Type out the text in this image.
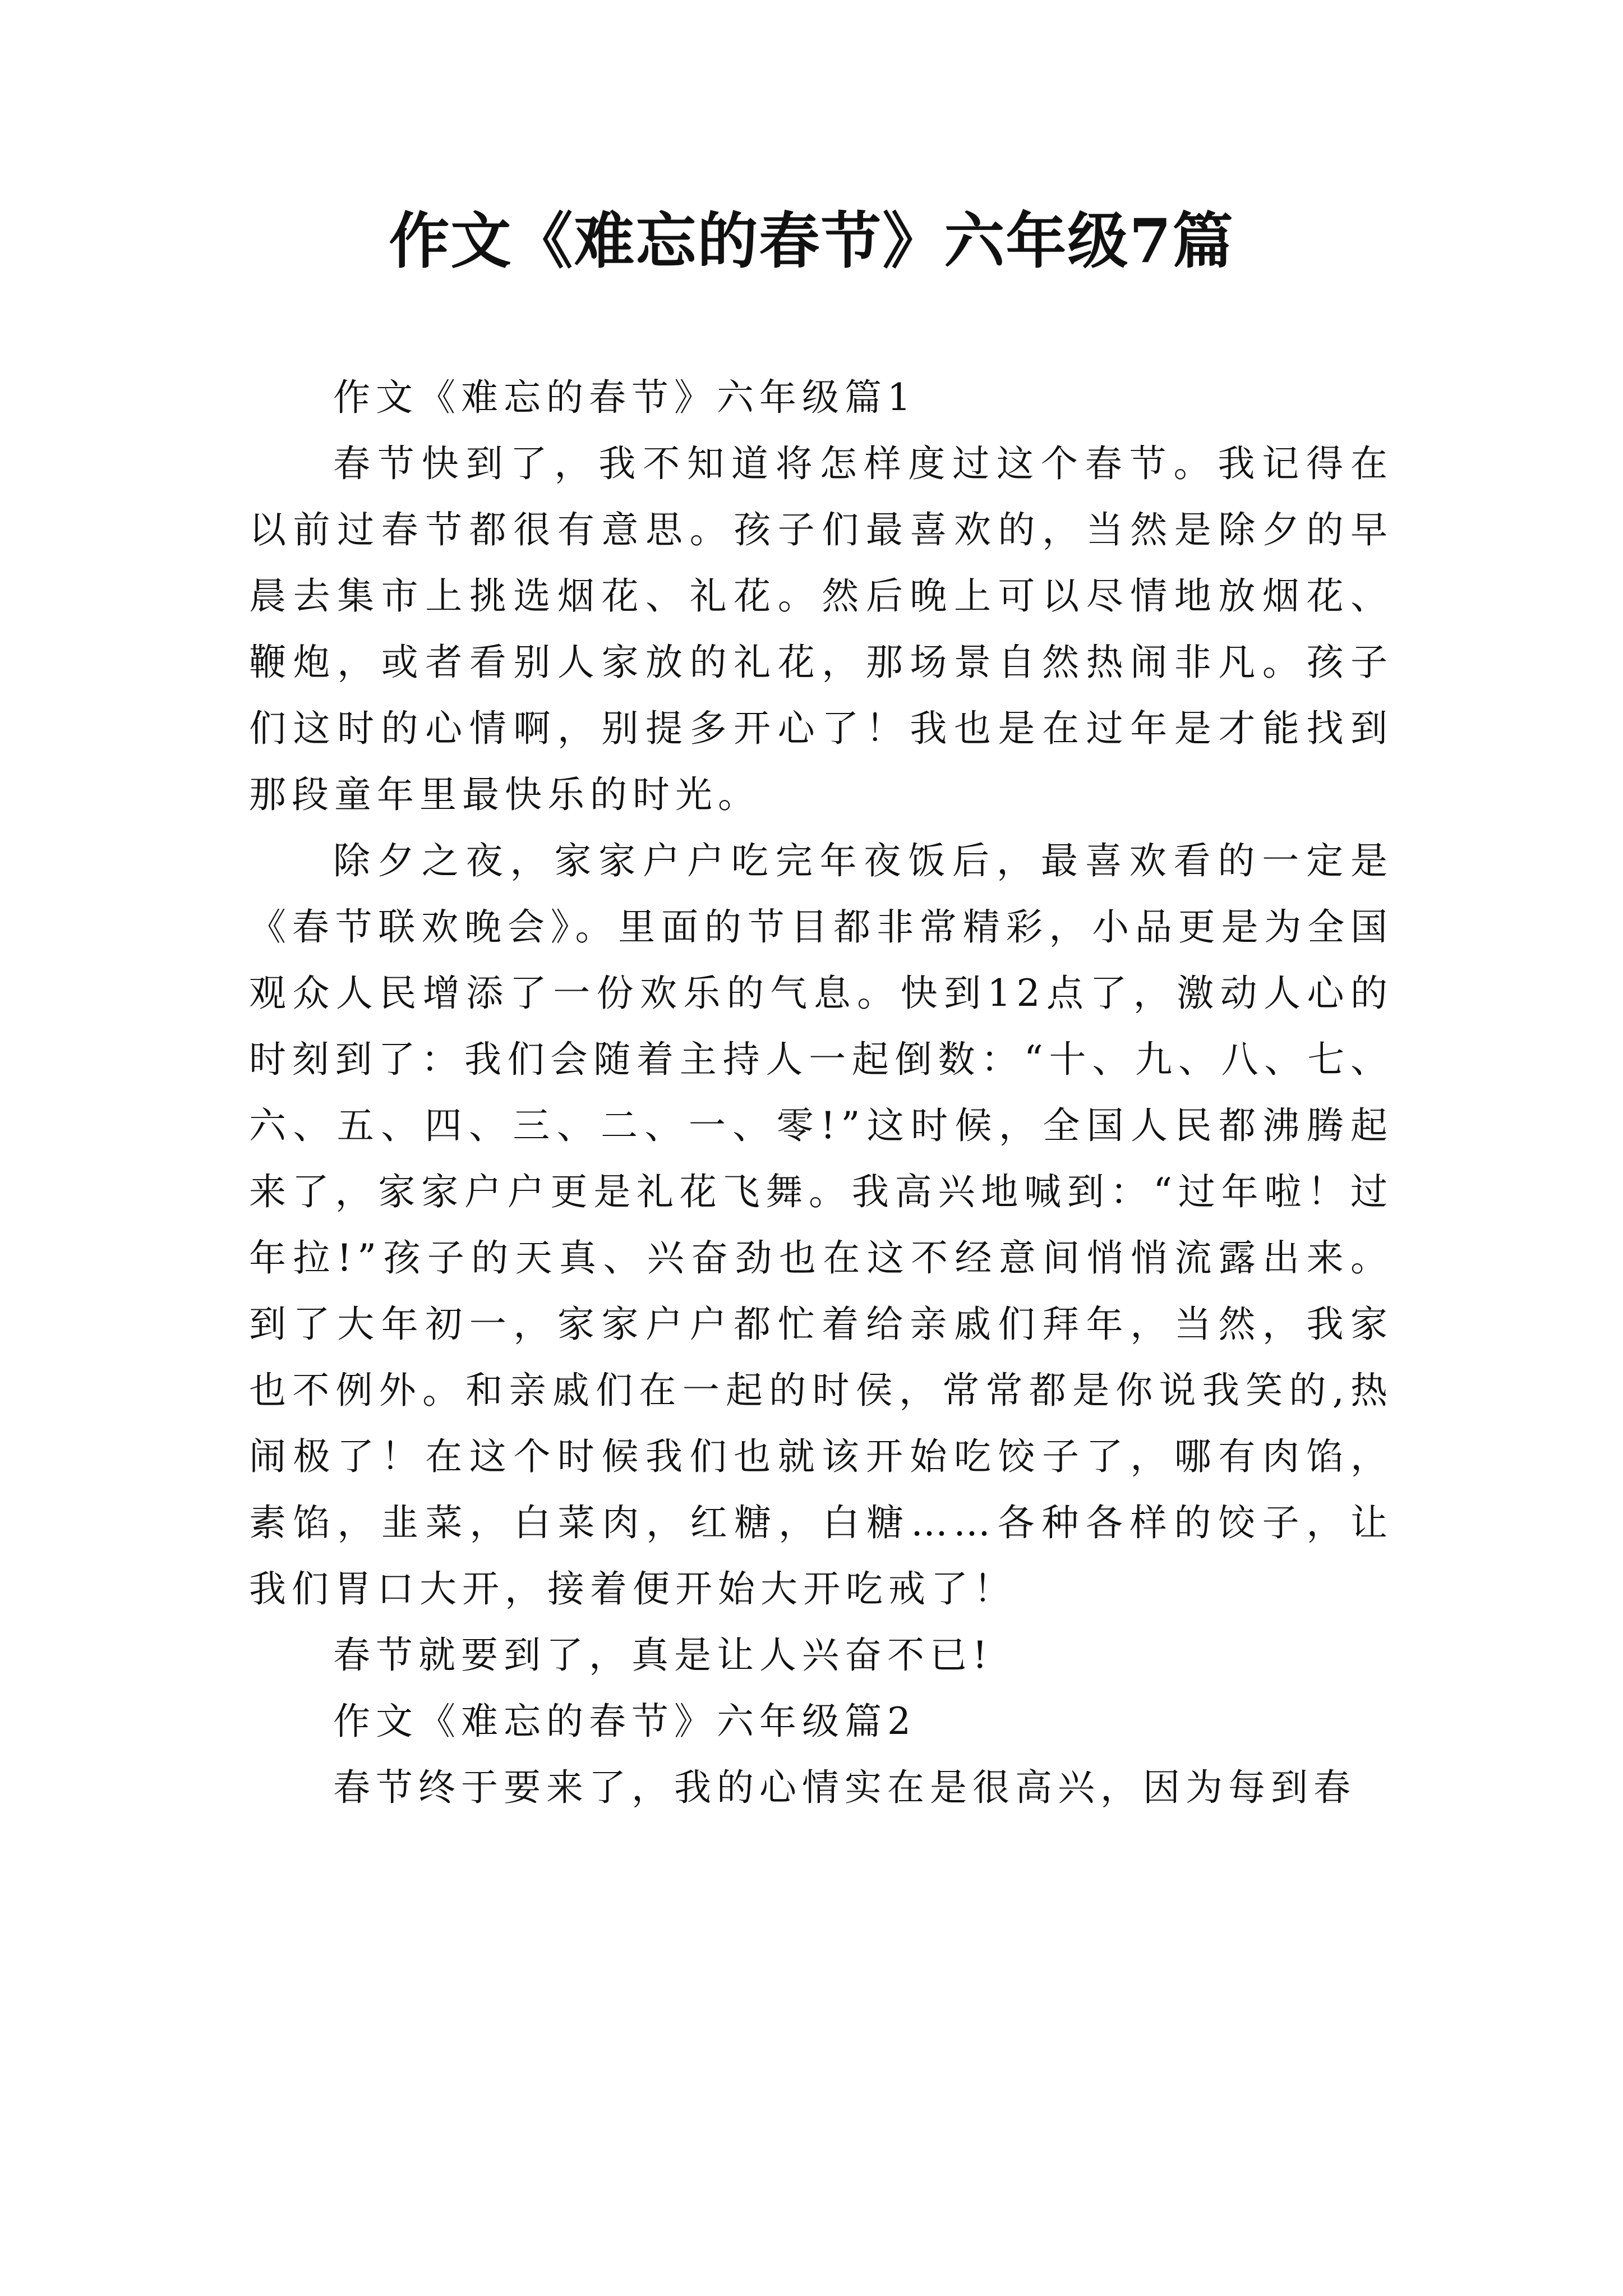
作文《难忘的春节》六年级7篇

作文《难忘的春节》六年级篇1

春节快到了，我不知道将怎样度过这个春节。我记得在以前过春节都很有意思。孩子们最喜欢的，当然是除夕的早晨去集市上挑选烟花、礼花。然后晚上可以尽情地放烟花、鞭炮，或者看别人家放的礼花，那场景自然热闹非凡。孩子们这时的心情啊，别提多开心了！我也是在过年是才能找到那段童年里最快乐的时光。

除夕之夜，家家户户吃完年夜饭后，最喜欢看的一定是《春节联欢晚会》。里面的节目都非常精彩，小品更是为全国观众人民增添了一份欢乐的气息。快到12点了，激动人心的时刻到了：我们会随着主持人一起倒数：“十、九、八、七、六、五、四、三、二、一、零!”这时候，全国人民都沸腾起来了，家家户户更是礼花飞舞。我高兴地喊到：“过年啦！过年拉!”孩子的天真、兴奋劲也在这不经意间悄悄流露出来。到了大年初一，家家户户都忙着给亲戚们拜年，当然，我家也不例外。和亲戚们在一起的时侯，常常都是你说我笑的,热闹极了！在这个时候我们也就该开始吃饺子了，哪有肉馅，素馅，韭菜，白菜肉，红糖，白糖……各种各样的饺子，让我们胃口大开，接着便开始大开吃戒了！

春节就要到了，真是让人兴奋不已!

作文《难忘的春节》六年级篇2

春节终于要来了，我的心情实在是很高兴，因为每到春
